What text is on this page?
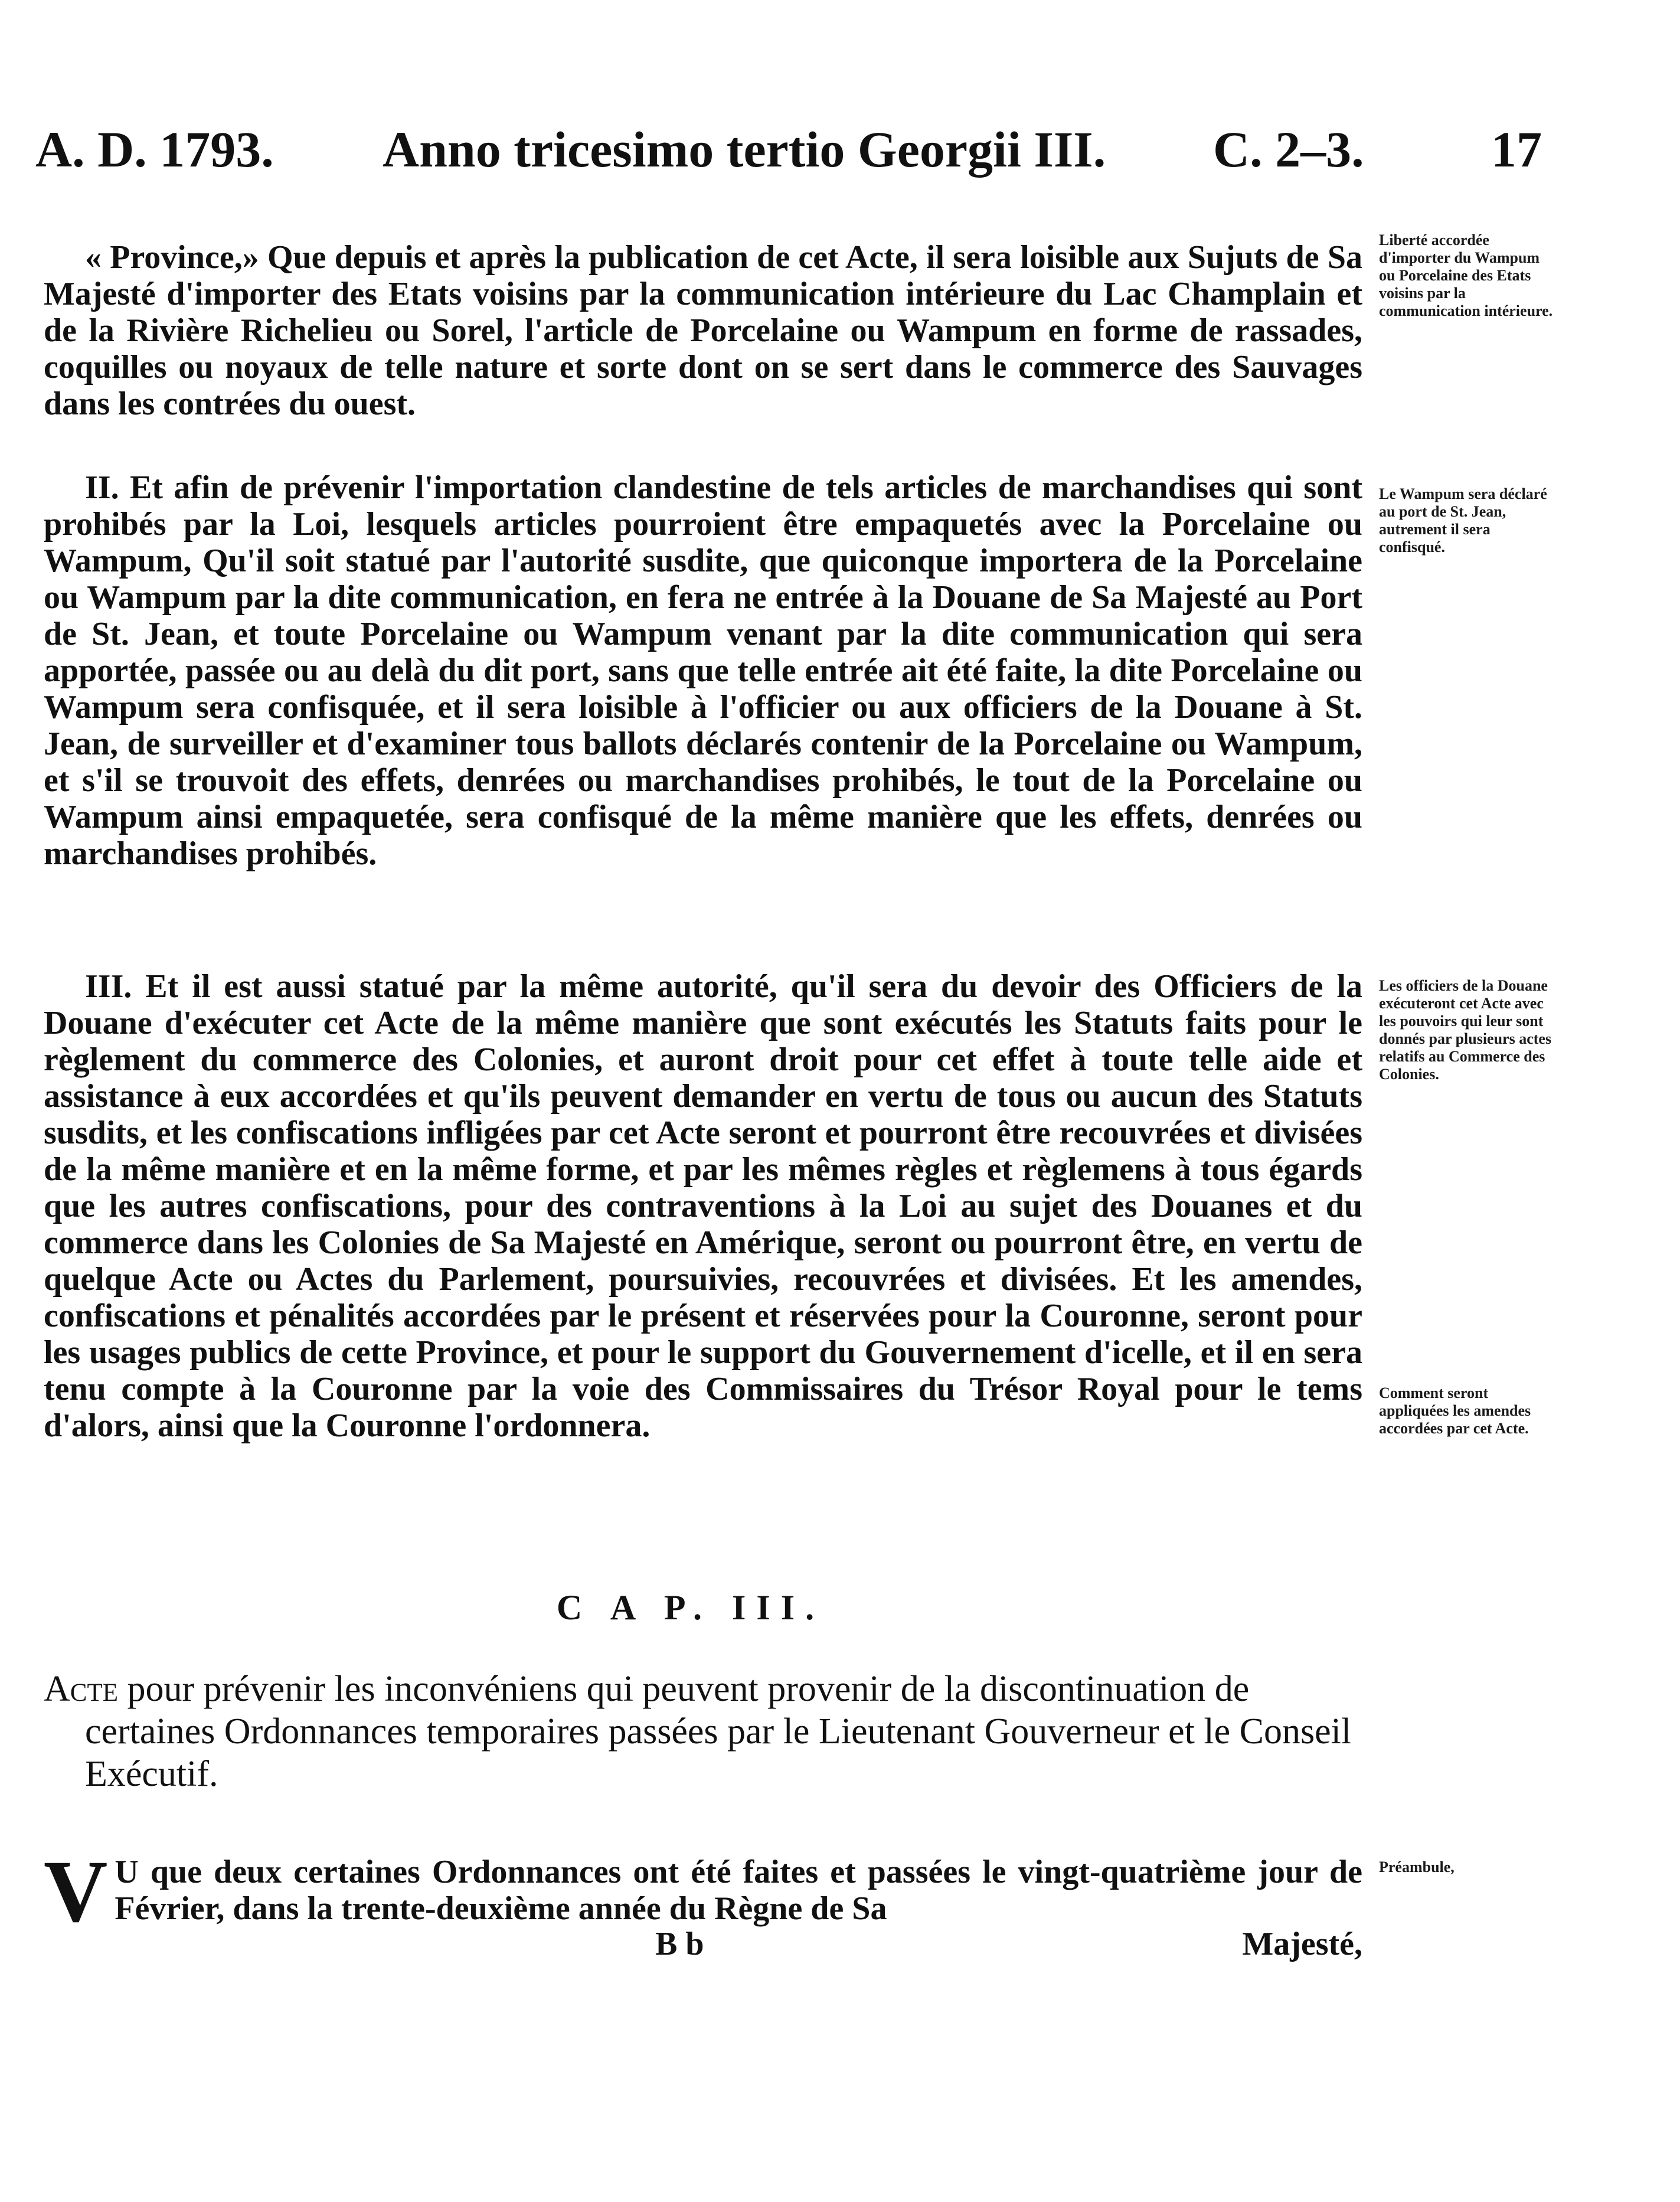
A. D. 1793. Anno tricesimo tertio Georgii III. C. 2–3.	17

« Province,» Que depuis et après la publication de cet Acte, il sera loisible aux Sujuts de Sa Majesté d'importer des Etats voisins par la communication intérieure du Lac Champlain et de la Rivière Richelieu ou Sorel, l'article de Porcelaine ou Wampum en forme de rassades, coquilles ou noyaux de telle nature et sorte dont on se sert dans le commerce des Sauvages dans les contrées du ouest.

II. Et afin de prévenir l'importation clandestine de tels articles de marchandises qui sont prohibés par la Loi, lesquels articles pourroient être empaquetés avec la Porcelaine ou Wampum, Qu'il soit statué par l'autorité susdite, que quiconque importera de la Porcelaine ou Wampum par la dite communication, en fera ne entrée à la Douane de Sa Majesté au Port de St. Jean, et toute Porcelaine ou Wampum venant par la dite communication qui sera apportée, passée ou au delà du dit port, sans que telle entrée ait été faite, la dite Porcelaine ou Wampum sera confisquée, et il sera loisible à l'officier ou aux officiers de la Douane à St. Jean, de surveiller et d'examiner tous ballots déclarés contenir de la Porcelaine ou Wampum, et s'il se trouvoit des effets, denrées ou marchandises prohibés, le tout de la Porcelaine ou Wampum ainsi empaquetée, sera confisqué de la même manière que les effets, denrées ou marchandises prohibés.

III. Et il est aussi statué par la même autorité, qu'il sera du devoir des Officiers de la Douane d'exécuter cet Acte de la même manière que sont exécutés les Statuts faits pour le règlement du commerce des Colonies, et auront droit pour cet effet à toute telle aide et assistance à eux accordées et qu'ils peuvent demander en vertu de tous ou aucun des Statuts susdits, et les confiscations infligées par cet Acte seront et pourront être recouvrées et divisées de la même manière et en la même forme, et par les mêmes règles et règlemens à tous égards que les autres confiscations, pour des contraventions à la Loi au sujet des Douanes et du commerce dans les Colonies de Sa Majesté en Amérique, seront ou pourront être, en vertu de quelque Acte ou Actes du Parlement, poursuivies, recouvrées et divisées. Et les amendes, confiscations et pénalités accordées par le présent et réservées pour la Couronne, seront pour les usages publics de cette Province, et pour le support du Gouvernement d'icelle, et il en sera tenu compte à la Couronne par la voie des Commissaires du Trésor Royal pour le tems d'alors, ainsi que la Couronne l'ordonnera.

Liberté accordée d'importer du Wampum ou Porcelaine des Etats voisins par la communication intérieure.
Le Wampum sera déclaré au port de St. Jean, autrement il sera confisqué.
Les officiers de la Douane exécuteront cet Acte avec les pouvoirs qui leur sont donnés par plusieurs actes relatifs au Commerce des Colonies.
Comment seront appliquées les amendes accordées par cet Acte.
Préambule,
C A P. III.
Acte pour prévenir les inconvéniens qui peuvent provenir de la discontinuation de certaines Ordonnances temporaires passées par le Lieutenant Gouverneur et le Conseil Exécutif.
V U que deux certaines Ordonnances ont été faites et passées le vingt-quatrième jour de Février, dans la trente-deuxième année du Règne de Sa
B b	Majesté,
